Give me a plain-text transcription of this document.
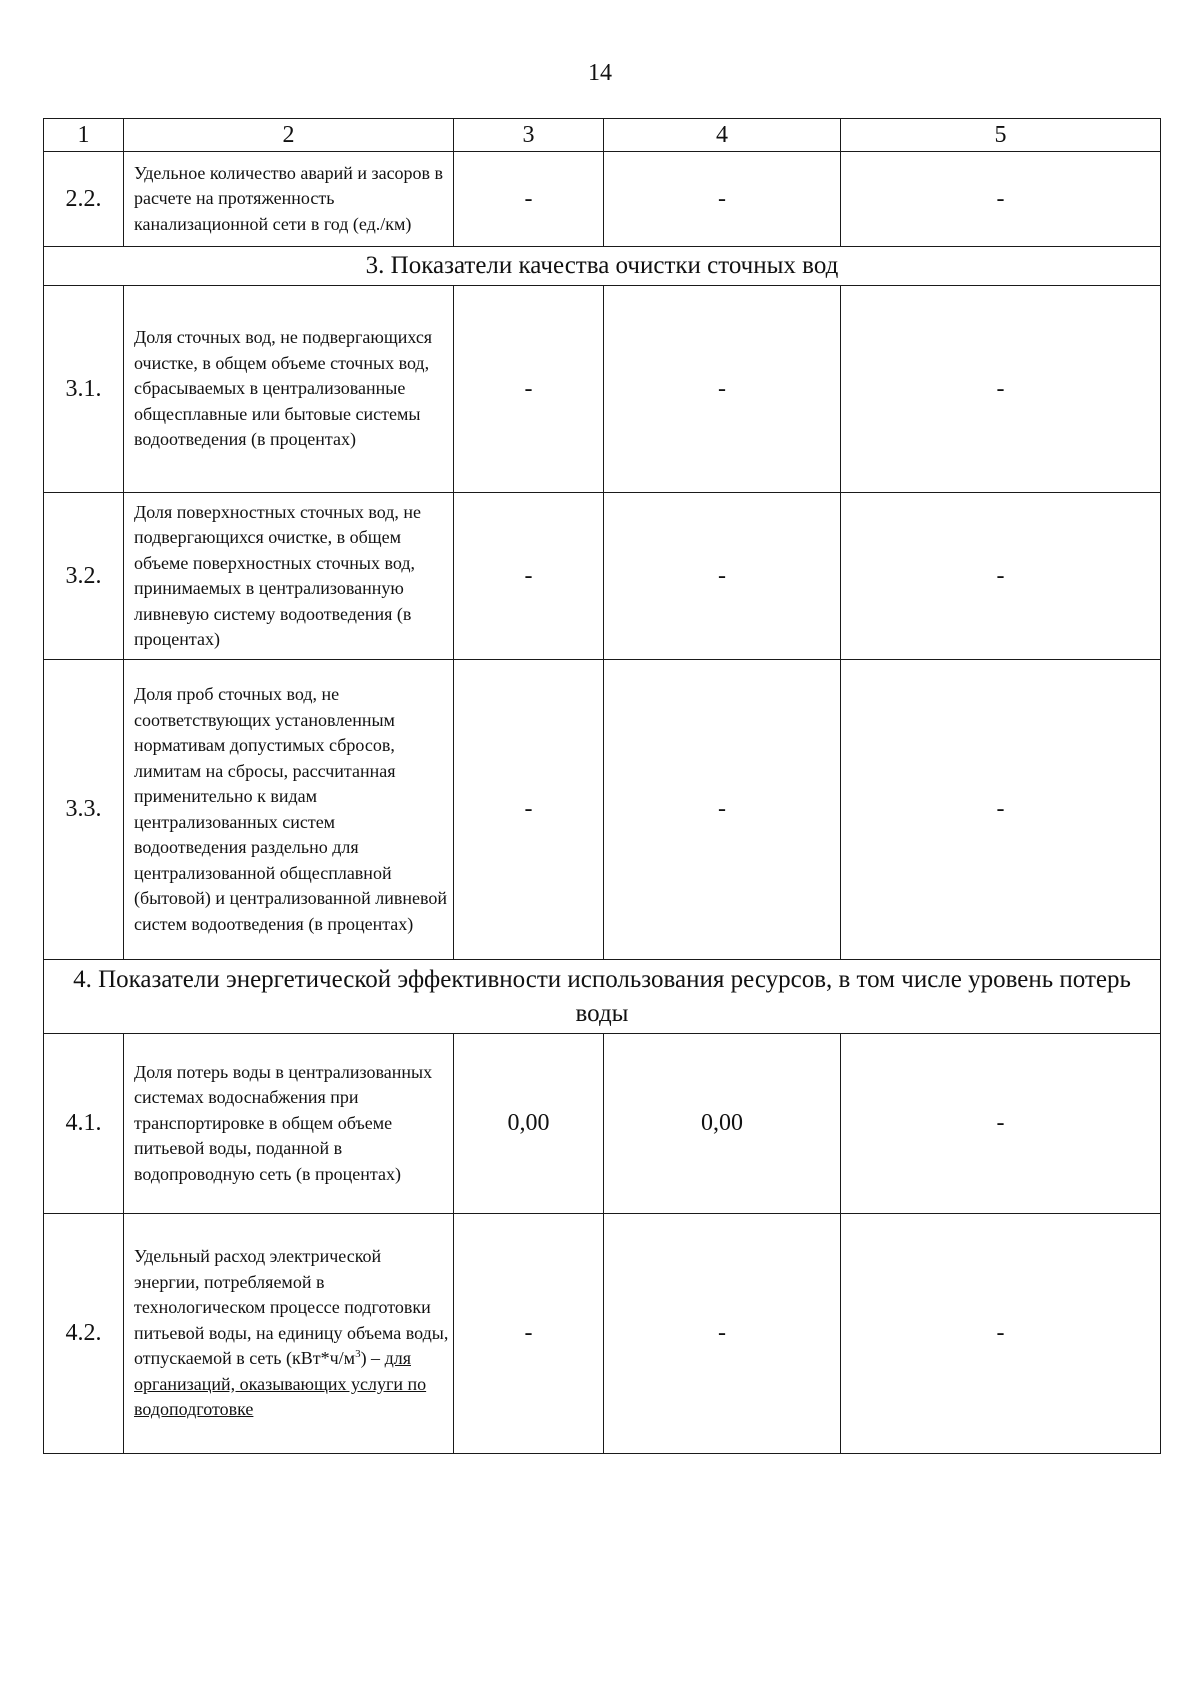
14
1	2	3	4	5
2.2.	Удельное количество аварий и засоров в расчете на протяженность канализационной сети в год (ед./км)	-	-	-
3. Показатели качества очистки сточных вод				
3.1.	Доля сточных вод, не подвергающихся очистке, в общем объеме сточных вод, сбрасываемых в централизованные общесплавные или бытовые системы водоотведения (в процентах)	-	-	-
3.2.	Доля поверхностных сточных вод, не подвергающихся очистке, в общем объеме поверхностных сточных вод, принимаемых в централизованную ливневую систему водоотведения (в процентах)	-	-	-
3.3.	Доля проб сточных вод, не соответствующих установленным нормативам допустимых сбросов, лимитам на сбросы, рассчитанная применительно к видам централизованных систем водоотведения раздельно для централизованной общесплавной (бытовой) и централизованной ливневой систем водоотведения (в процентах)	-	-	-
4. Показатели энергетической эффективности использования ресурсов, в том числе уровень потерь воды				
4.1.	Доля потерь воды в централизованных системах водоснабжения при транспортировке в общем объеме питьевой воды, поданной в водопроводную сеть (в процентах)	0,00	0,00	-
4.2.	Удельный расход электрической энергии, потребляемой в технологическом процессе подготовки питьевой воды, на единицу объема воды, отпускаемой в сеть $(кВт*ч/м^3)$ – для организаций, оказывающих услуги по водоподготовке	-	-	-
